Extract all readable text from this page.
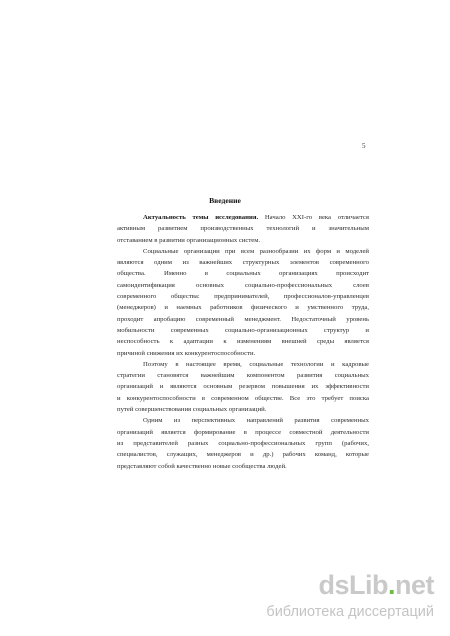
5
Введение

Актуальность темы исследования. Начало XXI-го века отличается
активным развитием производственных технологий и значительным
отставанием в развитии организационных систем.

Социальные организации при всем разнообразии их форм и моделей
являются одним из важнейших структурных элементов современного
общества. Именно в социальных организациях происходит
самоидентификация основных социально-профессиональных слоев
современного общества: предпринимателей, профессионалов-управленцев
(менеджеров) и наемных работников физического и умственного труда,
проходит апробацию современный менеджмент. Недостаточный уровень
мобильности современных социально-организационных структур и
неспособность к адаптации к изменениям внешней среды является
причиной снижения их конкурентоспособности.

Поэтому в настоящее время, социальные технологии и кадровые
стратегии становятся важнейшим компонентом развития социальных
организаций и являются основным резервом повышения их эффективности
и конкурентоспособности в современном обществе. Все это требует поиска
путей совершенствования социальных организаций.

Одним из перспективных направлений развития современных
организаций является формирование в процессе совместной деятельности
из представителей разных социально-профессиональных групп (рабочих,
специалистов, служащих, менеджеров и др.) рабочих команд, которые
представляют собой качественно новые сообщества людей.

dsLib.net
библиотека диссертаций
